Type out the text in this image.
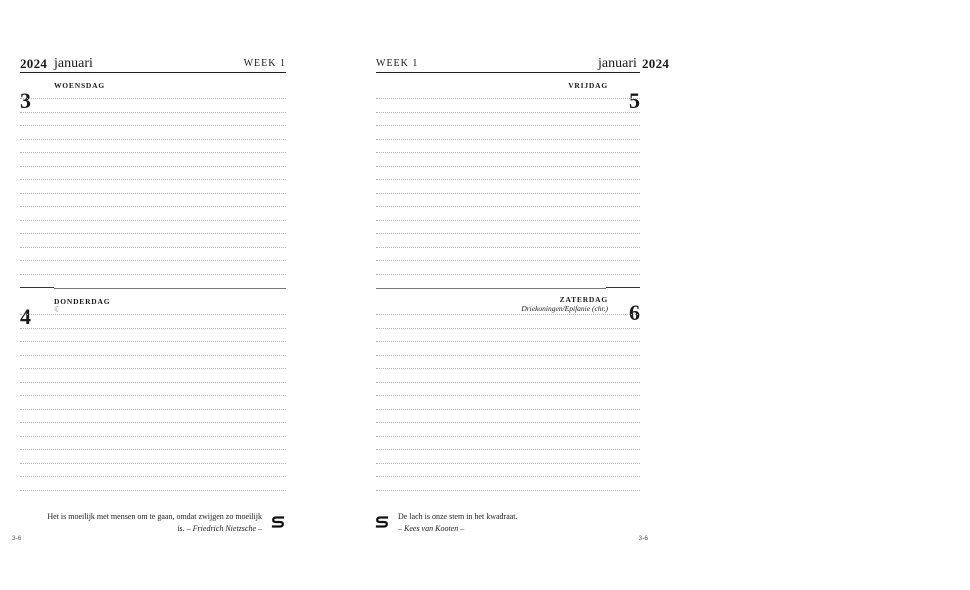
2024 januari	WEEK 1
3
WOENSDAG
4
DONDERDAG
☾
Het is moeilijk met mensen om te gaan, omdat zwijgen zo moeilijk is. – Friedrich Nietzsche –
3-6
WEEK 1	januari 2024
VRIJDAG
5
ZATERDAG
Driekoningen/Epifanie (chr.) 6
De lach is onze stem in het kwadraat.
– Kees van Kooten –
3-6
